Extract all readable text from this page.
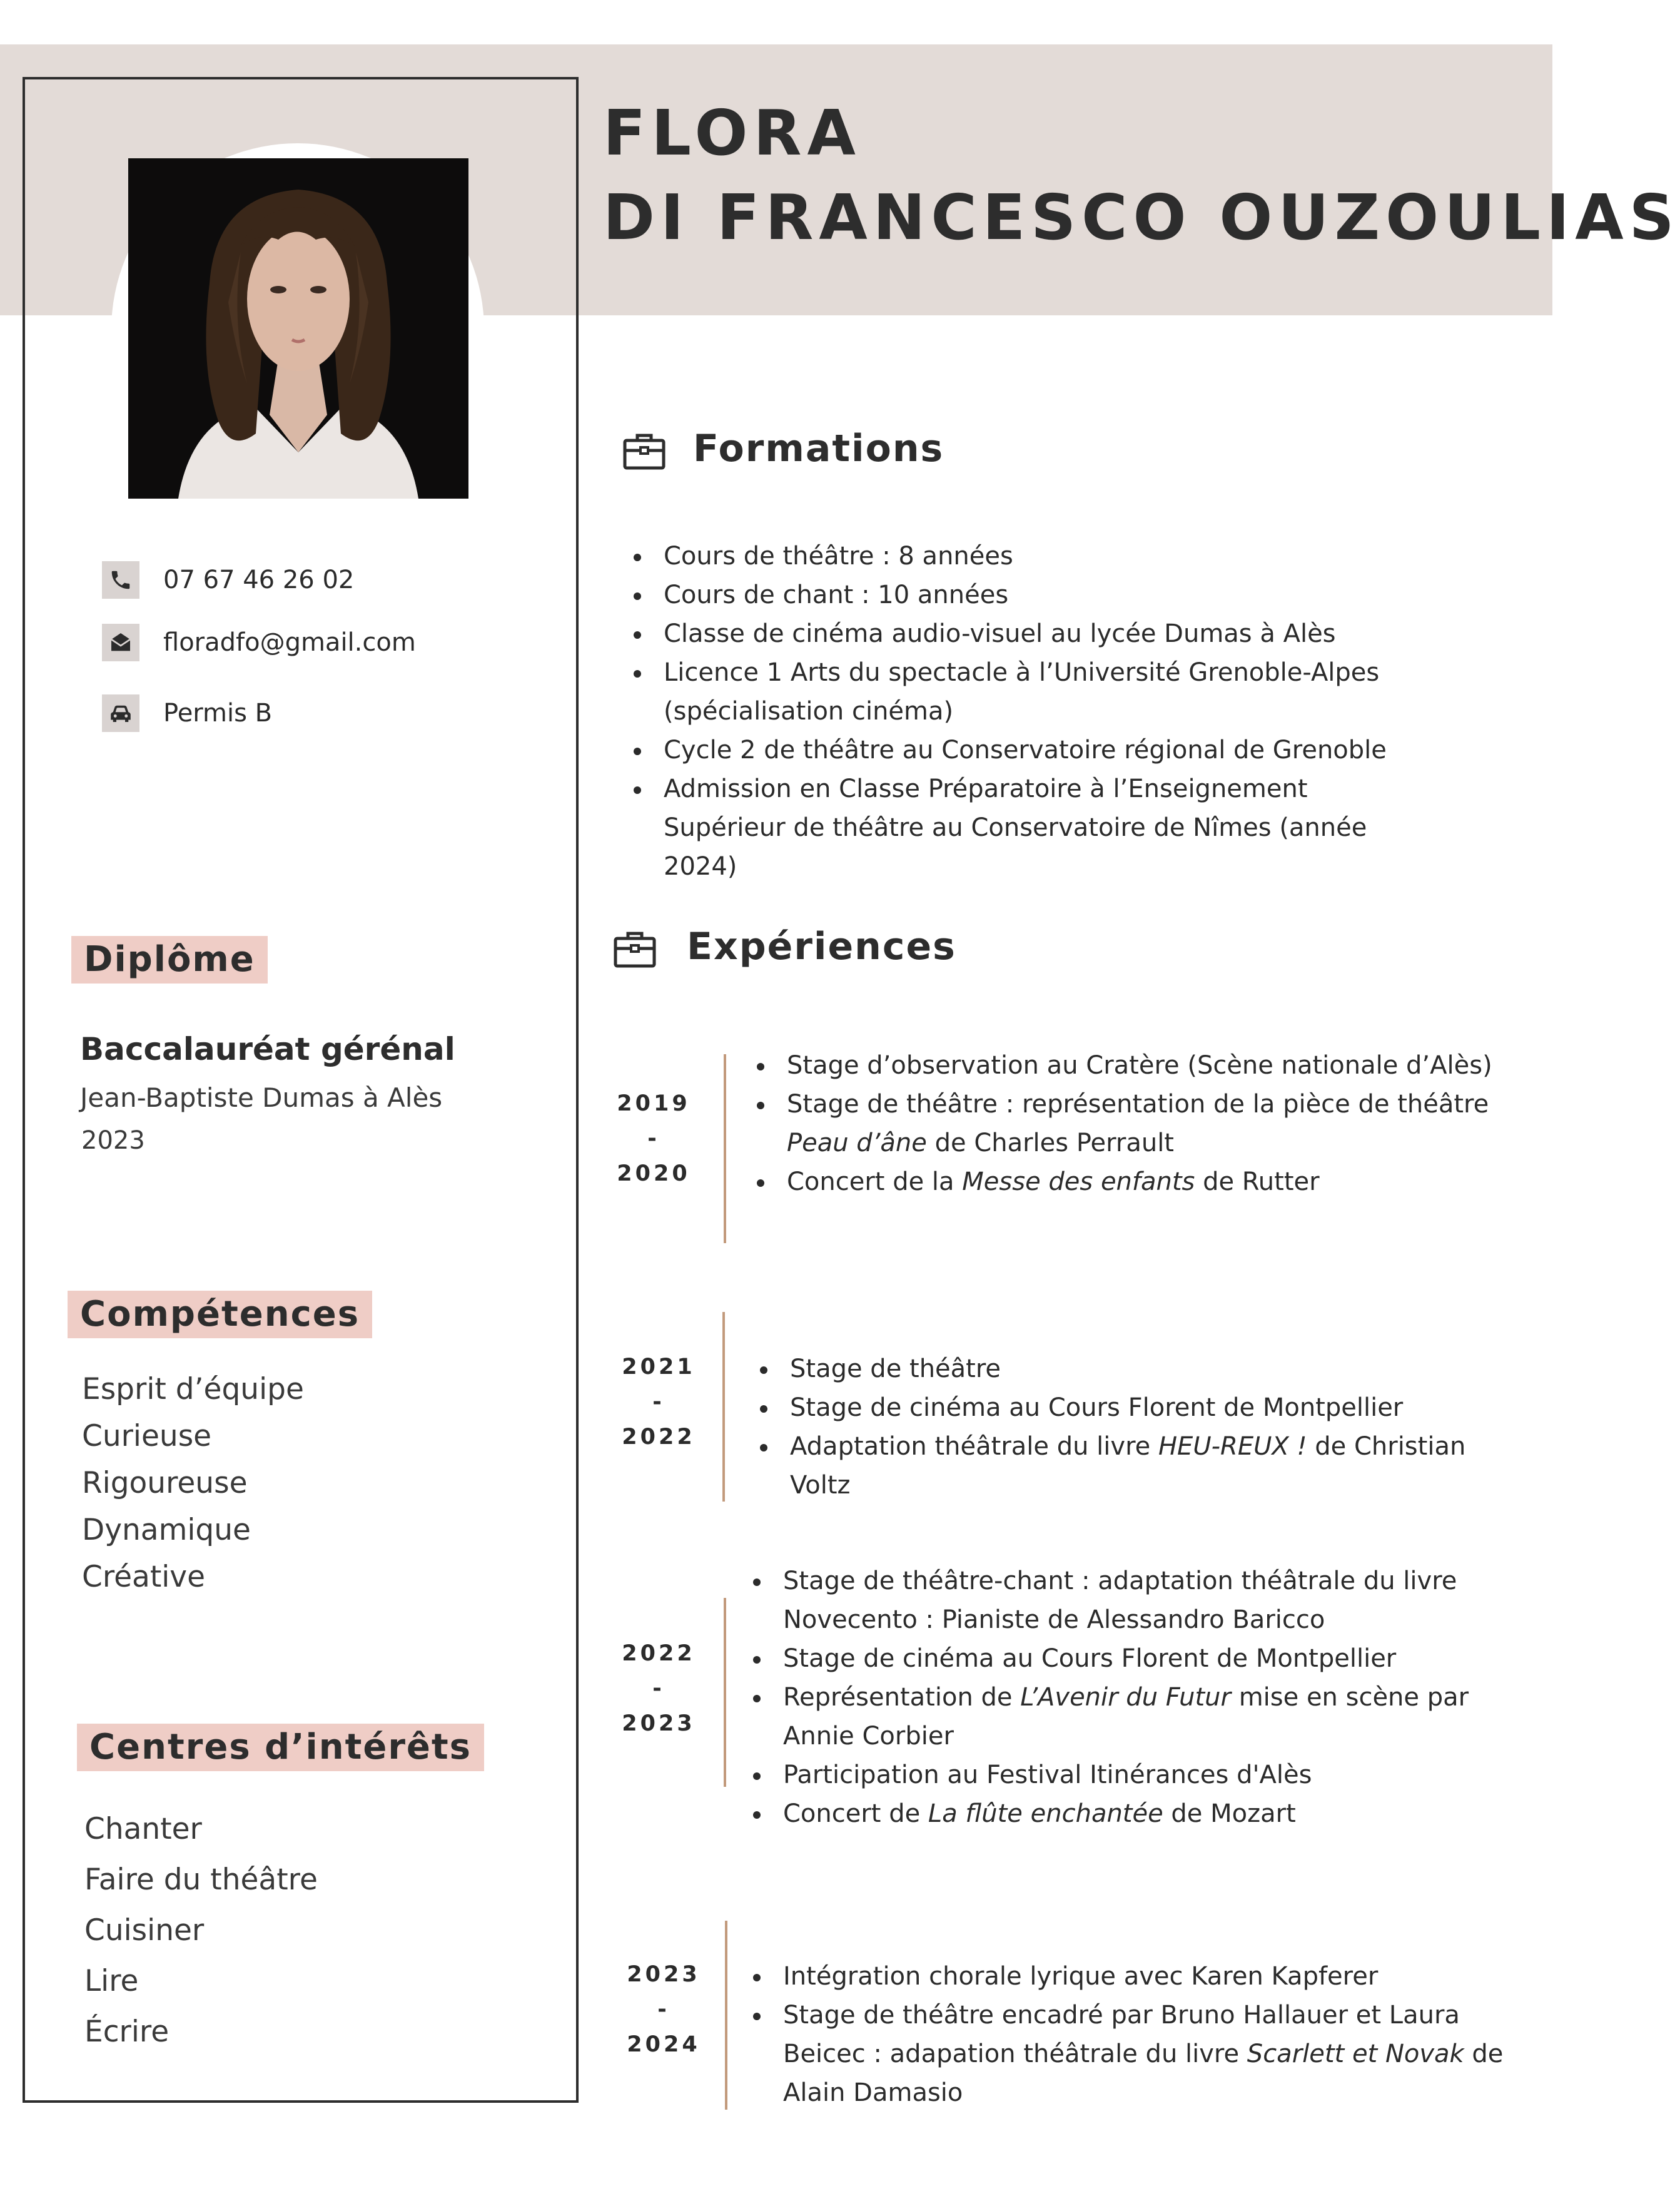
FLORA
DI FRANCESCO OUZOULIAS
07 67 46 26 02
floradfo@gmail.com
Permis B
Diplôme
Baccalauréat gérénal
Jean-Baptiste Dumas à Alès
2023
Compétences
Esprit d’équipe
Curieuse
Rigoureuse
Dynamique
Créative
Centres d’intérêts
Chanter
Faire du théâtre
Cuisiner
Lire
Écrire
Formations
Cours de théâtre : 8 années
Cours de chant : 10 années
Classe de cinéma audio-visuel au lycée Dumas à Alès
Licence 1 Arts du spectacle à l’Université Grenoble-Alpes (spécialisation cinéma)
Cycle 2 de théâtre au Conservatoire régional de Grenoble
Admission en Classe Préparatoire à l’Enseignement Supérieur de théâtre au Conservatoire de Nîmes (année 2024)
Expériences
2019
-
2020
Stage d’observation au Cratère (Scène nationale d’Alès)
Stage de théâtre : représentation de la pièce de théâtre Peau d’âne de Charles Perrault
Concert de la Messe des enfants de Rutter
2021
-
2022
Stage de théâtre
Stage de cinéma au Cours Florent de Montpellier
Adaptation théâtrale du livre HEU-REUX ! de Christian Voltz
2022
-
2023
Stage de théâtre-chant : adaptation théâtrale du livre Novecento : Pianiste de Alessandro Baricco
Stage de cinéma au Cours Florent de Montpellier
Représentation de L’Avenir du Futur mise en scène par Annie Corbier
Participation au Festival Itinérances d'Alès
Concert de La flûte enchantée de Mozart
2023
-
2024
Intégration chorale lyrique avec Karen Kapferer
Stage de théâtre encadré par Bruno Hallauer et Laura Beicec : adapation théâtrale du livre Scarlett et Novak de Alain Damasio
